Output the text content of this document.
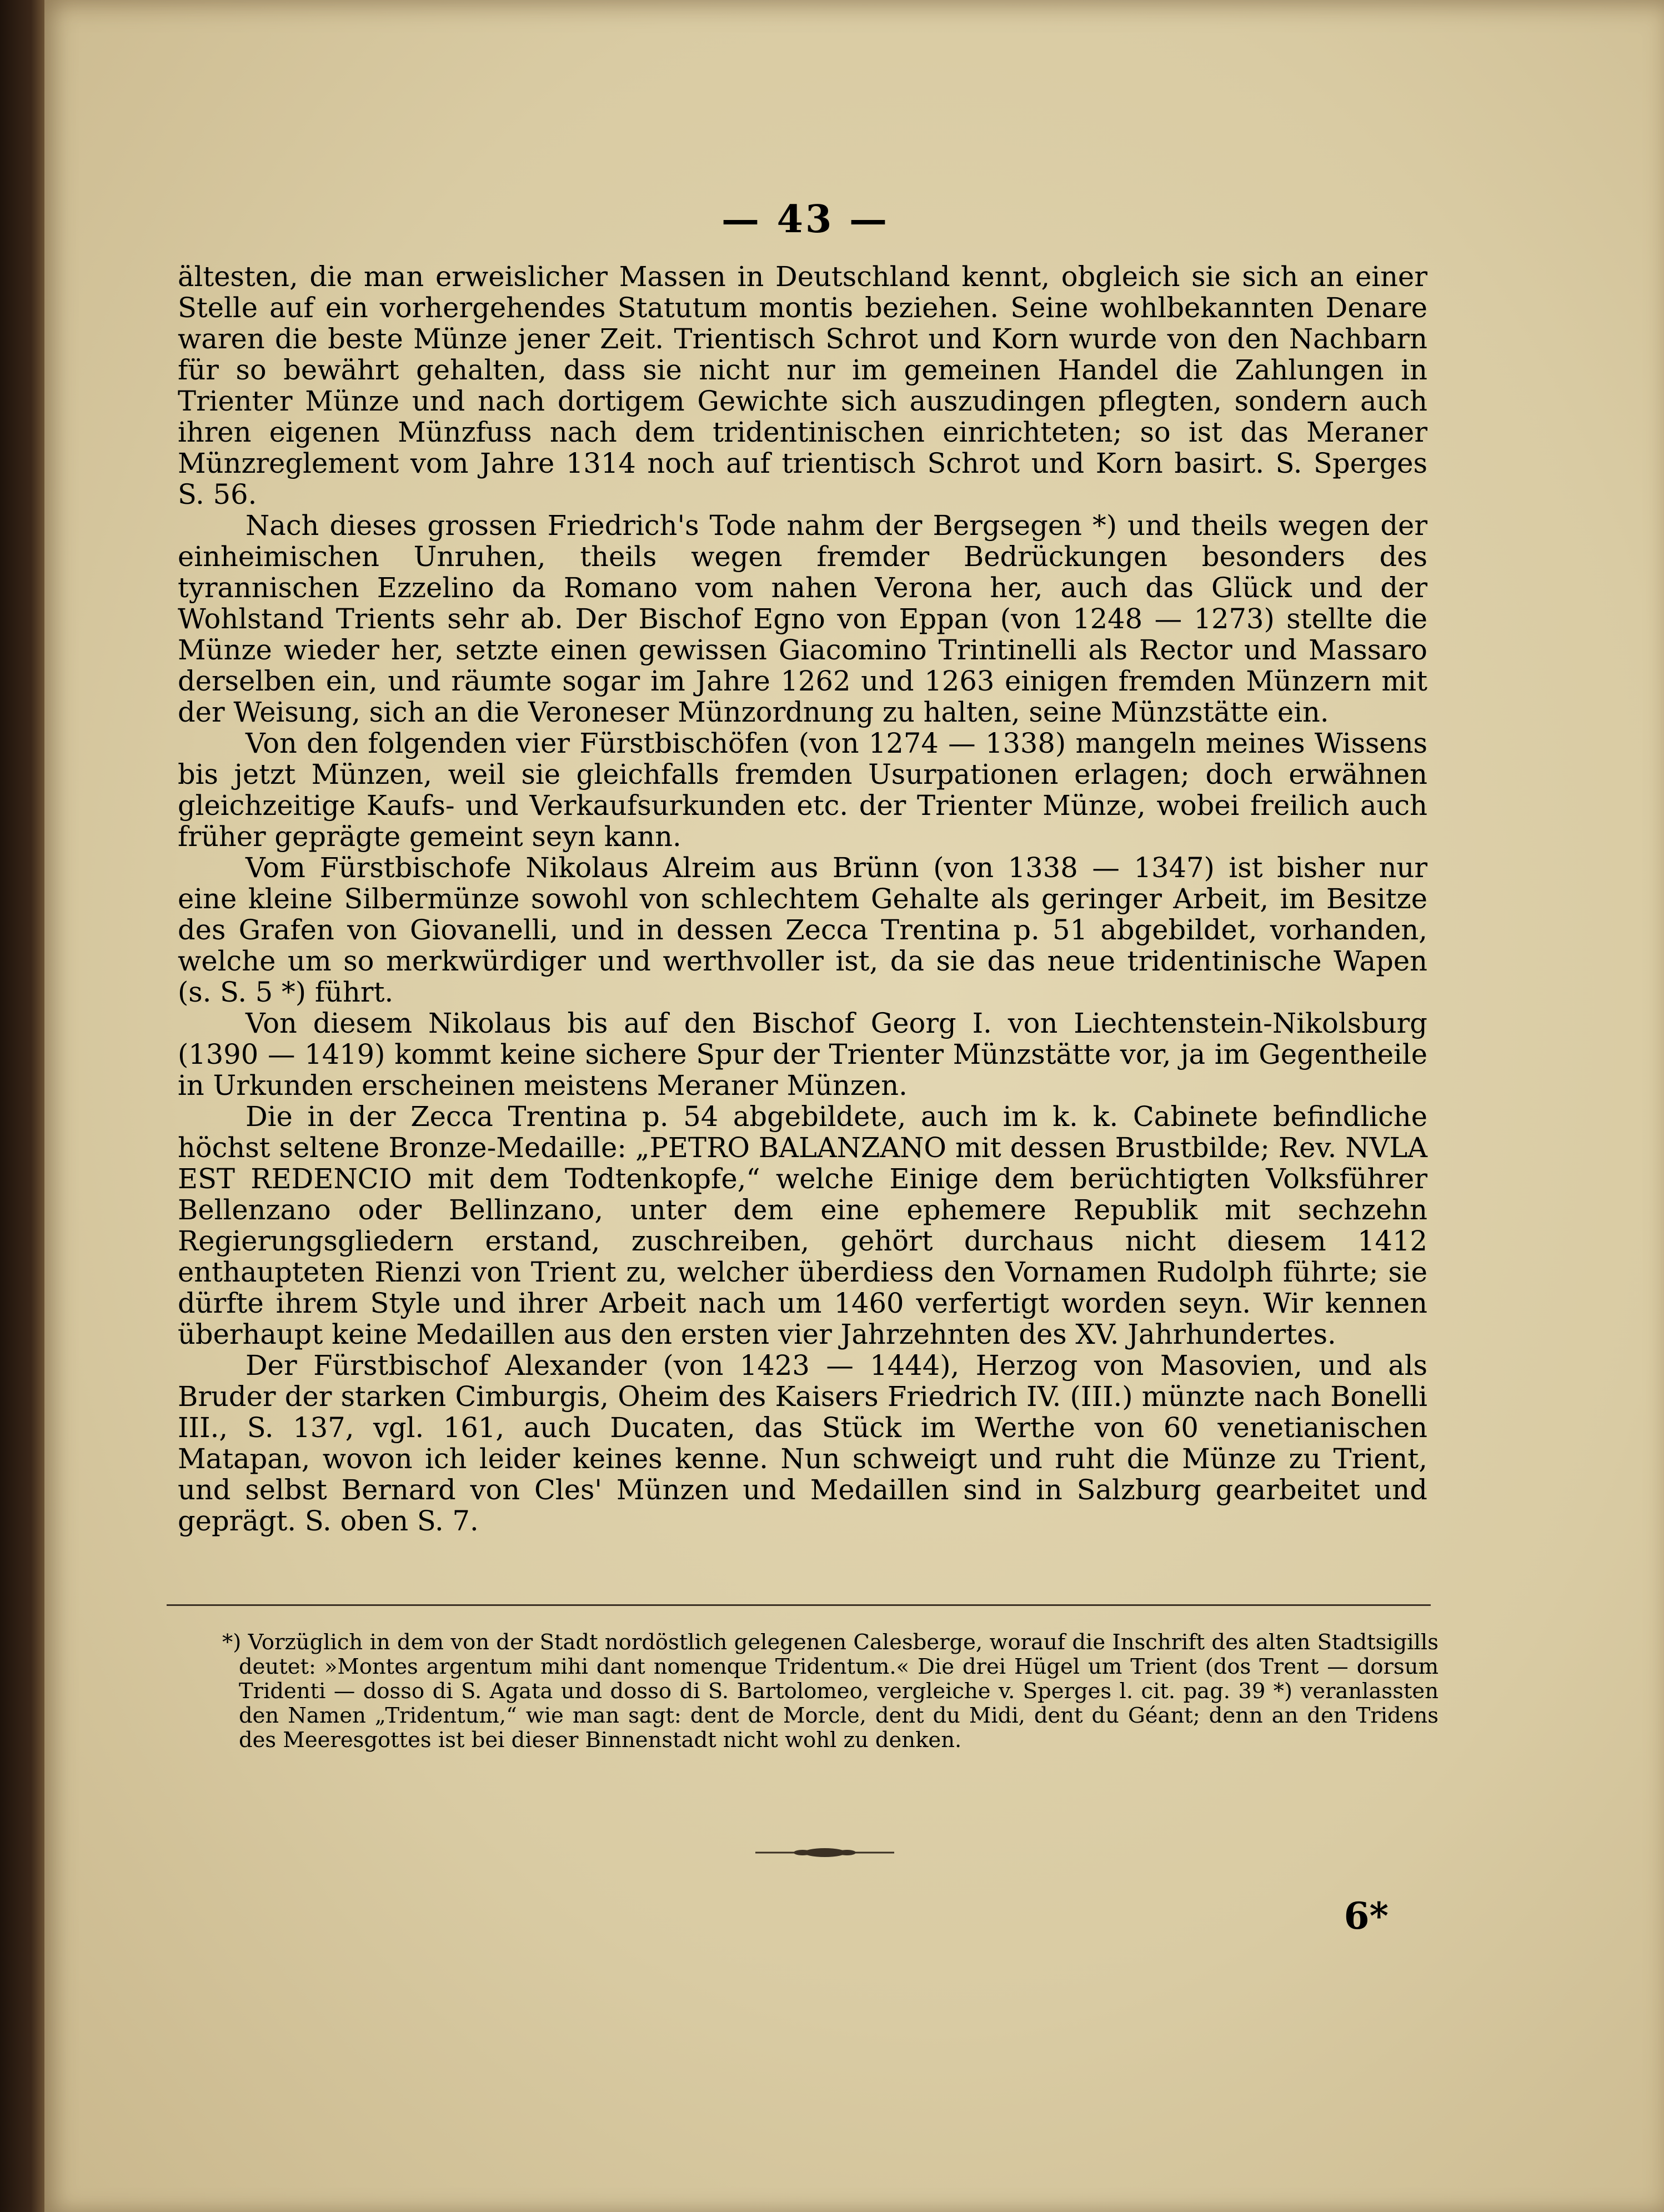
— 43 —

ältesten, die man erweislicher Massen in Deutschland kennt, obgleich sie sich an einer Stelle auf ein vorhergehendes Statutum montis beziehen. Seine wohlbekannten Denare waren die beste Münze jener Zeit. Trientisch Schrot und Korn wurde von den Nachbarn für so bewährt gehalten, dass sie nicht nur im gemeinen Handel die Zahlungen in Trienter Münze und nach dortigem Gewichte sich auszudingen pflegten, sondern auch ihren eigenen Münzfuss nach dem tridentinischen einrichteten; so ist das Meraner Münzreglement vom Jahre 1314 noch auf trientisch Schrot und Korn basirt. S. Sperges S. 56.

Nach dieses grossen Friedrich's Tode nahm der Bergsegen *) und theils wegen der einheimischen Unruhen, theils wegen fremder Bedrückungen besonders des tyrannischen Ezzelino da Romano vom nahen Verona her, auch das Glück und der Wohlstand Trients sehr ab. Der Bischof Egno von Eppan (von 1248 — 1273) stellte die Münze wieder her, setzte einen gewissen Giacomino Trintinelli als Rector und Massaro derselben ein, und räumte sogar im Jahre 1262 und 1263 einigen fremden Münzern mit der Weisung, sich an die Veroneser Münzordnung zu halten, seine Münzstätte ein.

Von den folgenden vier Fürstbischöfen (von 1274 — 1338) mangeln meines Wissens bis jetzt Münzen, weil sie gleichfalls fremden Usurpationen erlagen; doch erwähnen gleichzeitige Kaufs- und Verkaufsurkunden etc. der Trienter Münze, wobei freilich auch früher geprägte gemeint seyn kann.

Vom Fürstbischofe Nikolaus Alreim aus Brünn (von 1338 — 1347) ist bisher nur eine kleine Silbermünze sowohl von schlechtem Gehalte als geringer Arbeit, im Besitze des Grafen von Giovanelli, und in dessen Zecca Trentina p. 51 abgebildet, vorhanden, welche um so merkwürdiger und werthvoller ist, da sie das neue tridentinische Wapen (s. S. 5 *) führt.

Von diesem Nikolaus bis auf den Bischof Georg I. von Liechtenstein-Nikolsburg (1390 — 1419) kommt keine sichere Spur der Trienter Münzstätte vor, ja im Gegentheile in Urkunden erscheinen meistens Meraner Münzen.

Die in der Zecca Trentina p. 54 abgebildete, auch im k. k. Cabinete befindliche höchst seltene Bronze-Medaille: „PETRO BALANZANO mit dessen Brustbilde; Rev. NVLA EST REDENCIO mit dem Todtenkopfe,“ welche Einige dem berüchtigten Volksführer Bellenzano oder Bellinzano, unter dem eine ephemere Republik mit sechzehn Regierungsgliedern erstand, zuschreiben, gehört durchaus nicht diesem 1412 enthaupteten Rienzi von Trient zu, welcher überdiess den Vornamen Rudolph führte; sie dürfte ihrem Style und ihrer Arbeit nach um 1460 verfertigt worden seyn. Wir kennen überhaupt keine Medaillen aus den ersten vier Jahrzehnten des XV. Jahrhundertes.

Der Fürstbischof Alexander (von 1423 — 1444), Herzog von Masovien, und als Bruder der starken Cimburgis, Oheim des Kaisers Friedrich IV. (III.) münzte nach Bonelli III., S. 137, vgl. 161, auch Ducaten, das Stück im Werthe von 60 venetianischen Matapan, wovon ich leider keines kenne. Nun schweigt und ruht die Münze zu Trient, und selbst Bernard von Cles' Münzen und Medaillen sind in Salzburg gearbeitet und geprägt. S. oben S. 7.

*) Vorzüglich in dem von der Stadt nordöstlich gelegenen Calesberge, worauf die Inschrift des alten Stadtsigills deutet: »Montes argentum mihi dant nomenque Tridentum.« Die drei Hügel um Trient (dos Trent — dorsum Tridenti — dosso di S. Agata und dosso di S. Bartolomeo, vergleiche v. Sperges l. cit. pag. 39 *) veranlassten den Namen „Tridentum,“ wie man sagt: dent de Morcle, dent du Midi, dent du Géant; denn an den Tridens des Meeresgottes ist bei dieser Binnenstadt nicht wohl zu denken.
6*
